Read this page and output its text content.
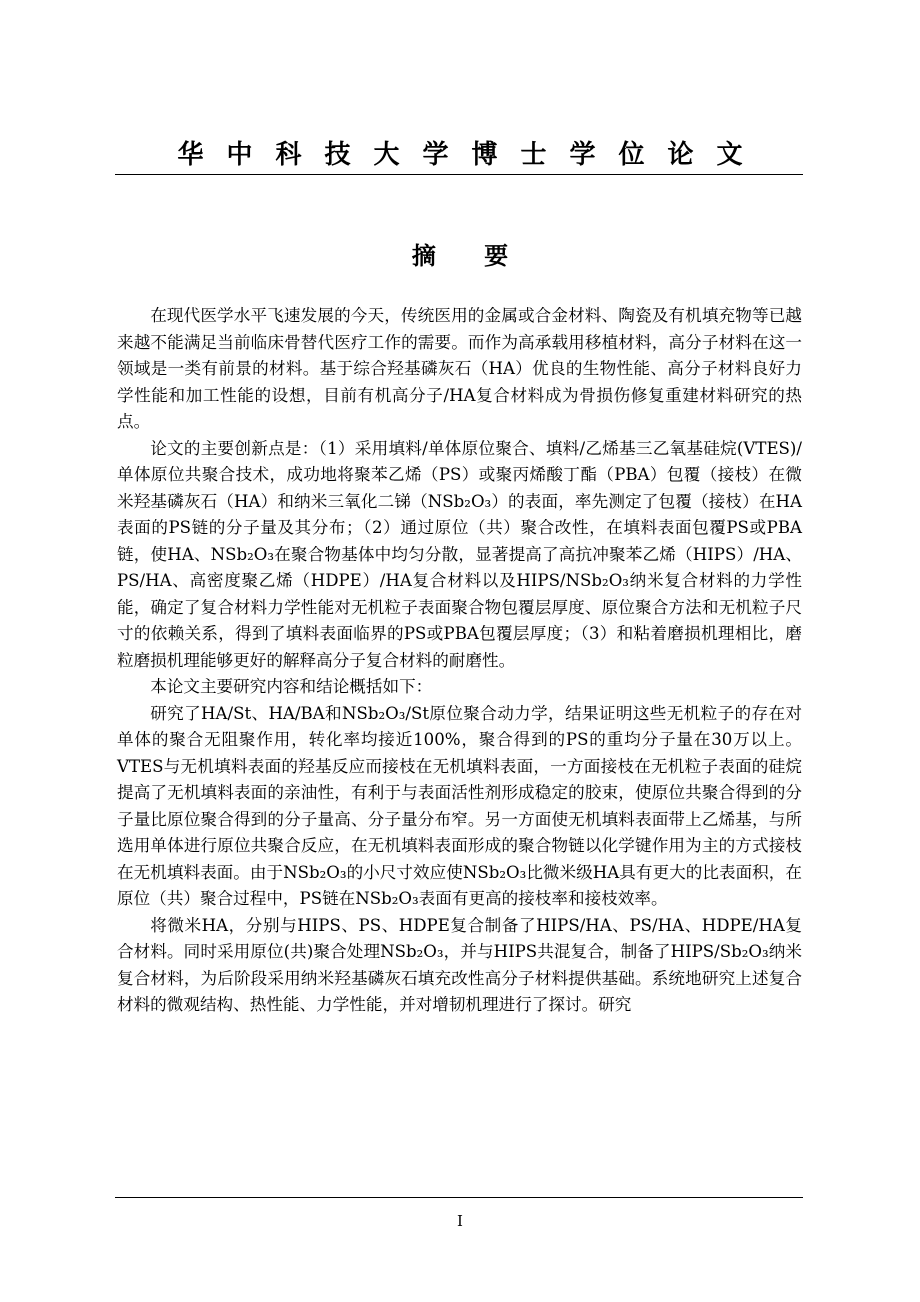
华中科技大学博士学位论文
摘 要

在现代医学水平飞速发展的今天，传统医用的金属或合金材料、陶瓷及有机填充物等已越来越不能满足当前临床骨替代医疗工作的需要。而作为高承载用移植材料，高分子材料在这一领域是一类有前景的材料。基于综合羟基磷灰石（HA）优良的生物性能、高分子材料良好力学性能和加工性能的设想，目前有机高分子/HA复合材料成为骨损伤修复重建材料研究的热点。

论文的主要创新点是：（1）采用填料/单体原位聚合、填料/乙烯基三乙氧基硅烷(VTES)/单体原位共聚合技术，成功地将聚苯乙烯（PS）或聚丙烯酸丁酯（PBA）包覆（接枝）在微米羟基磷灰石（HA）和纳米三氧化二锑（NSb₂O₃）的表面，率先测定了包覆（接枝）在HA表面的PS链的分子量及其分布；（2）通过原位（共）聚合改性，在填料表面包覆PS或PBA链，使HA、NSb₂O₃在聚合物基体中均匀分散，显著提高了高抗冲聚苯乙烯（HIPS）/HA、PS/HA、高密度聚乙烯（HDPE）/HA复合材料以及HIPS/NSb₂O₃纳米复合材料的力学性能，确定了复合材料力学性能对无机粒子表面聚合物包覆层厚度、原位聚合方法和无机粒子尺寸的依赖关系，得到了填料表面临界的PS或PBA包覆层厚度；（3）和粘着磨损机理相比，磨粒磨损机理能够更好的解释高分子复合材料的耐磨性。

本论文主要研究内容和结论概括如下：

研究了HA/St、HA/BA和NSb₂O₃/St原位聚合动力学，结果证明这些无机粒子的存在对单体的聚合无阻聚作用，转化率均接近100%，聚合得到的PS的重均分子量在30万以上。VTES与无机填料表面的羟基反应而接枝在无机填料表面，一方面接枝在无机粒子表面的硅烷提高了无机填料表面的亲油性，有利于与表面活性剂形成稳定的胶束，使原位共聚合得到的分子量比原位聚合得到的分子量高、分子量分布窄。另一方面使无机填料表面带上乙烯基，与所选用单体进行原位共聚合反应，在无机填料表面形成的聚合物链以化学键作用为主的方式接枝在无机填料表面。由于NSb₂O₃的小尺寸效应使NSb₂O₃比微米级HA具有更大的比表面积，在原位（共）聚合过程中，PS链在NSb₂O₃表面有更高的接枝率和接枝效率。

将微米HA，分别与HIPS、PS、HDPE复合制备了HIPS/HA、PS/HA、HDPE/HA复合材料。同时采用原位(共)聚合处理NSb₂O₃，并与HIPS共混复合，制备了HIPS/Sb₂O₃纳米复合材料，为后阶段采用纳米羟基磷灰石填充改性高分子材料提供基础。系统地研究上述复合材料的微观结构、热性能、力学性能，并对增韧机理进行了探讨。研究

I
